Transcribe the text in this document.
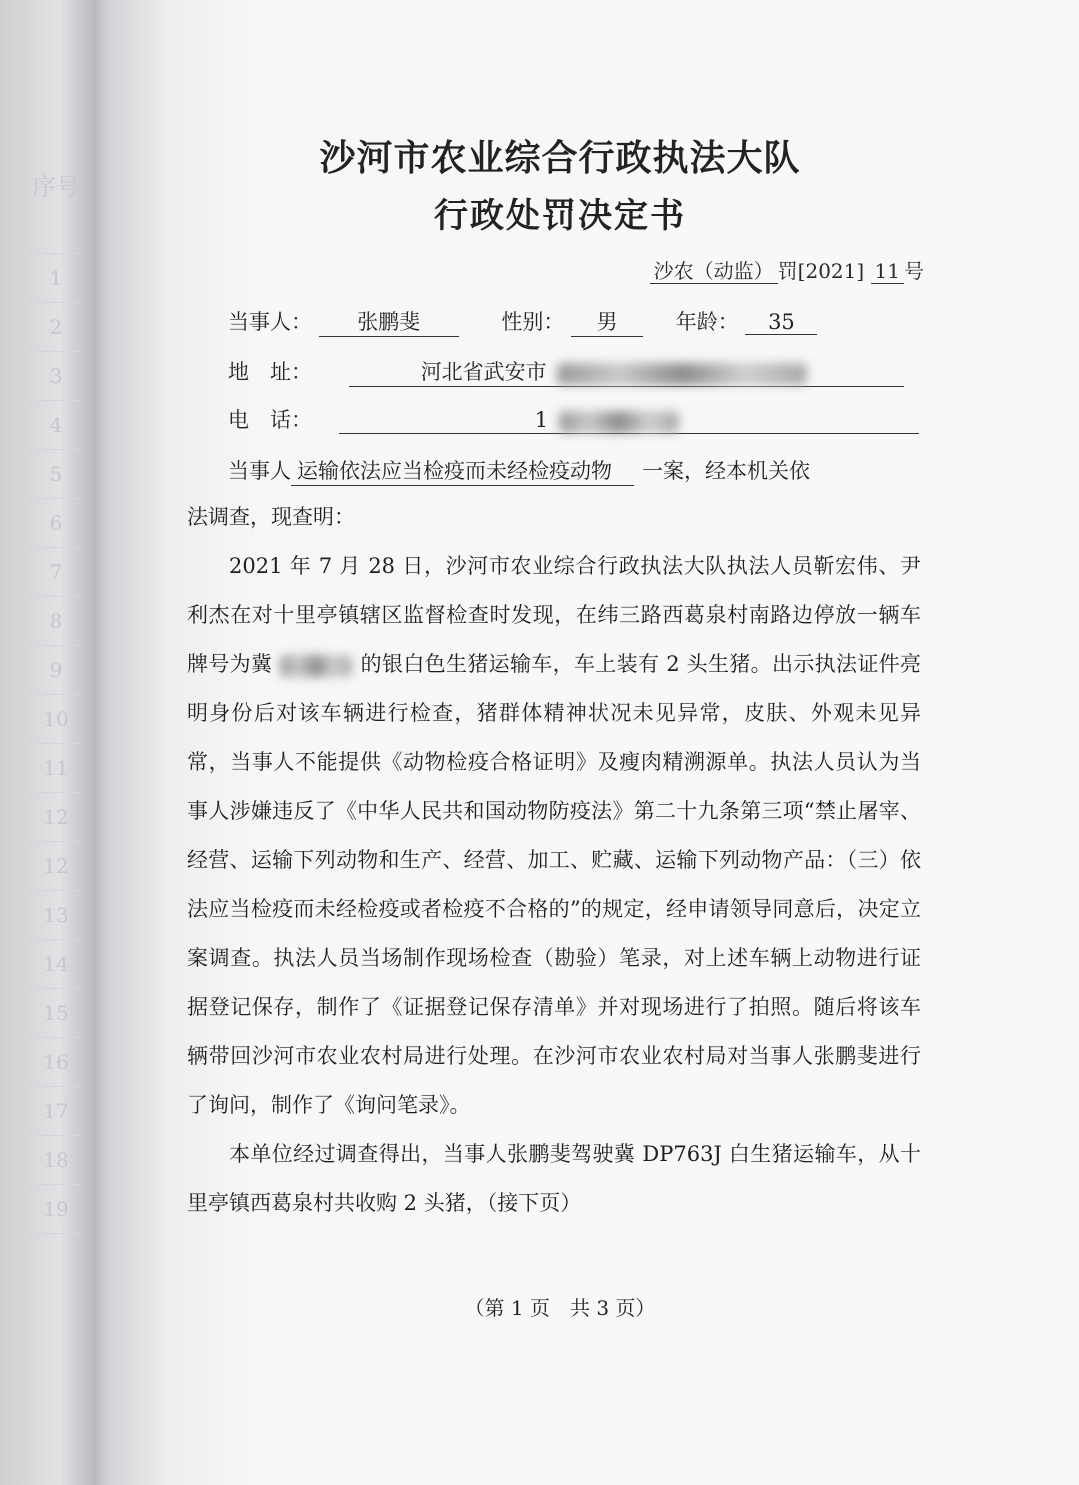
序号
1
2
3
4
5
6
7
8
9
10
11
12
12
13
14
15
16
17
18
19
沙河市农业综合行政执法大队
行政处罚决定书
沙农（动监） 罚[2021] 11 号
当事人： 张鹏斐	性别： 男	年龄： 35
地　址：	河北省武安市
电　话：	1
当事人 运输依法应当检疫而未经检疫动物 一案，经本机关依

法调查，现查明：

2021 年 7 月 28 日，沙河市农业综合行政执法大队执法人员靳宏伟、尹利杰在对十里亭镇辖区监督检查时发现，在纬三路西葛泉村南路边停放一辆车牌号为冀	的银白色生猪运输车，车上装有 2 头生猪。出示执法证件亮明身份后对该车辆进行检查，猪群体精神状况未见异常，皮肤、外观未见异常，当事人不能提供《动物检疫合格证明》及瘦肉精溯源单。执法人员认为当事人涉嫌违反了《中华人民共和国动物防疫法》第二十九条第三项“禁止屠宰、经营、运输下列动物和生产、经营、加工、贮藏、运输下列动物产品：（三）依法应当检疫而未经检疫或者检疫不合格的”的规定，经申请领导同意后，决定立案调查。执法人员当场制作现场检查（勘验）笔录，对上述车辆上动物进行证据登记保存，制作了《证据登记保存清单》并对现场进行了拍照。随后将该车辆带回沙河市农业农村局进行处理。在沙河市农业农村局对当事人张鹏斐进行了询问，制作了《询问笔录》。

本单位经过调查得出，当事人张鹏斐驾驶冀 DP763J 白生猪运输车，从十里亭镇西葛泉村共收购 2 头猪，（接下页）

（第 1 页　共 3 页）
